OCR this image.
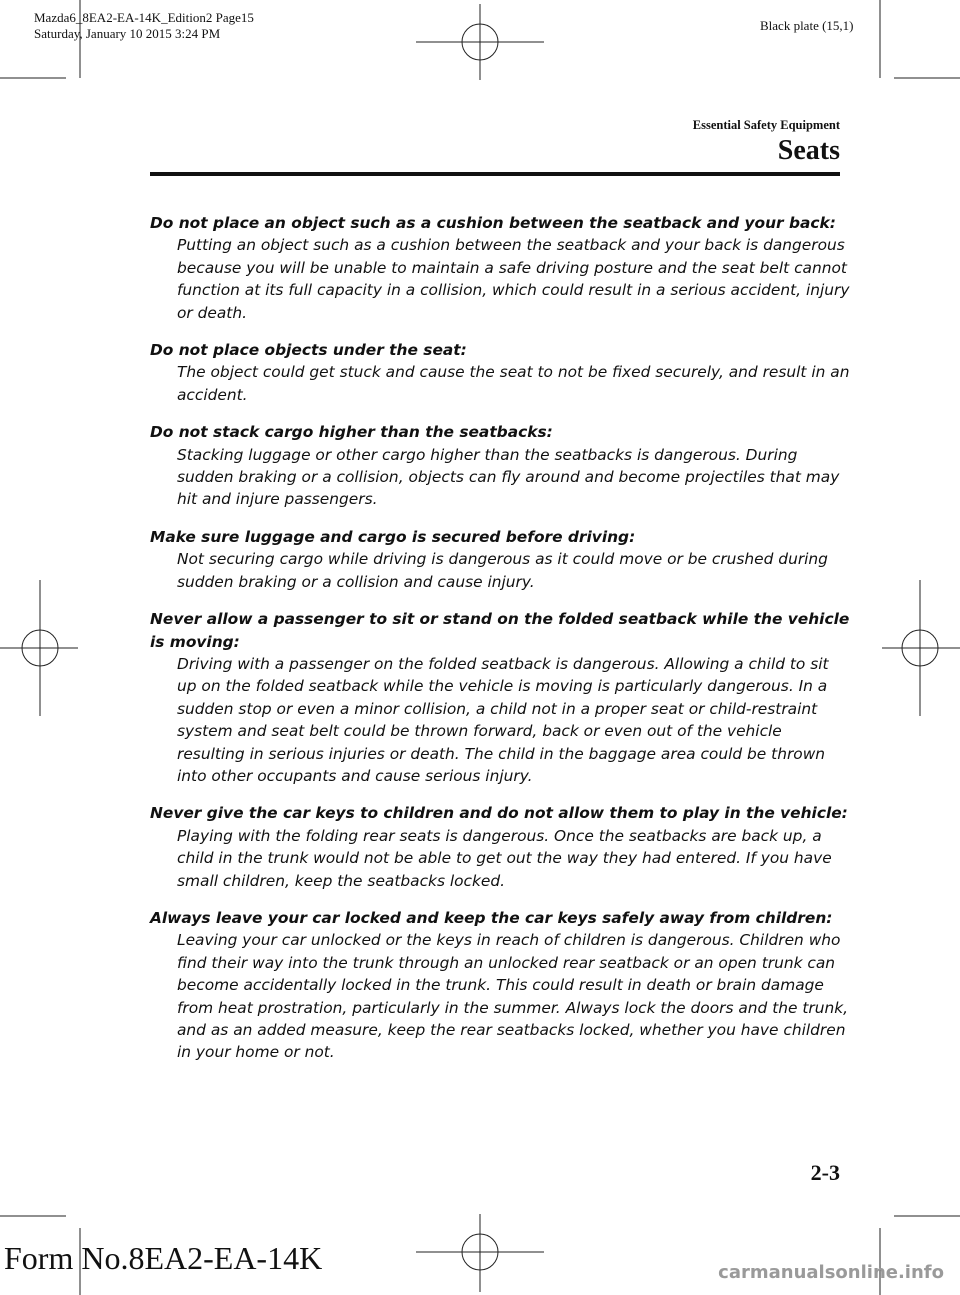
Mazda6_8EA2-EA-14K_Edition2 Page15
Saturday, January 10 2015 3:24 PM
Black plate (15,1)
Essential Safety Equipment
Seats
Do not place an object such as a cushion between the seatback and your back:
Putting an object such as a cushion between the seatback and your back is dangerous because you will be unable to maintain a safe driving posture and the seat belt cannot function at its full capacity in a collision, which could result in a serious accident, injury or death.
Do not place objects under the seat:
The object could get stuck and cause the seat to not be fixed securely, and result in an accident.
Do not stack cargo higher than the seatbacks:
Stacking luggage or other cargo higher than the seatbacks is dangerous. During sudden braking or a collision, objects can fly around and become projectiles that may hit and injure passengers.
Make sure luggage and cargo is secured before driving:
Not securing cargo while driving is dangerous as it could move or be crushed during sudden braking or a collision and cause injury.
Never allow a passenger to sit or stand on the folded seatback while the vehicle is moving:
Driving with a passenger on the folded seatback is dangerous. Allowing a child to sit up on the folded seatback while the vehicle is moving is particularly dangerous. In a sudden stop or even a minor collision, a child not in a proper seat or child-restraint system and seat belt could be thrown forward, back or even out of the vehicle resulting in serious injuries or death. The child in the baggage area could be thrown into other occupants and cause serious injury.
Never give the car keys to children and do not allow them to play in the vehicle:
Playing with the folding rear seats is dangerous. Once the seatbacks are back up, a child in the trunk would not be able to get out the way they had entered. If you have small children, keep the seatbacks locked.
Always leave your car locked and keep the car keys safely away from children:
Leaving your car unlocked or the keys in reach of children is dangerous. Children who find their way into the trunk through an unlocked rear seatback or an open trunk can become accidentally locked in the trunk. This could result in death or brain damage from heat prostration, particularly in the summer. Always lock the doors and the trunk, and as an added measure, keep the rear seatbacks locked, whether you have children in your home or not.
2-3
Form No.8EA2-EA-14K	carmanualsonline.info
